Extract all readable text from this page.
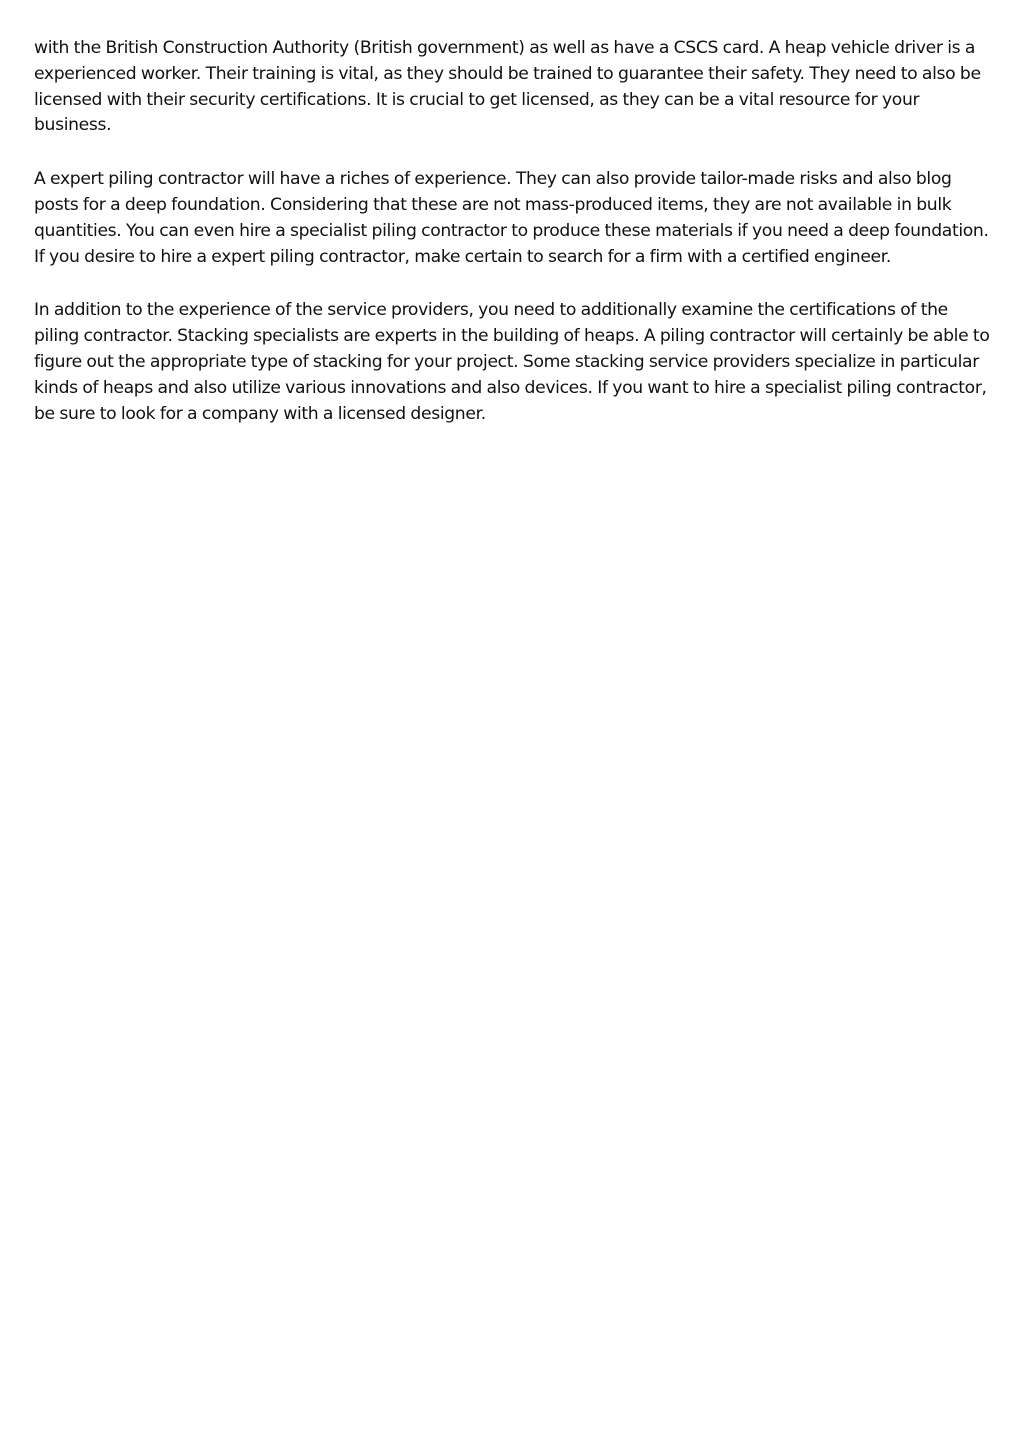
with the British Construction Authority (British government) as well as have a CSCS card. A heap vehicle driver is a experienced worker. Their training is vital, as they should be trained to guarantee their safety. They need to also be licensed with their security certifications. It is crucial to get licensed, as they can be a vital resource for your business.

A expert piling contractor will have a riches of experience. They can also provide tailor-made risks and also blog posts for a deep foundation. Considering that these are not mass-produced items, they are not available in bulk quantities. You can even hire a specialist piling contractor to produce these materials if you need a deep foundation. If you desire to hire a expert piling contractor, make certain to search for a firm with a certified engineer.

In addition to the experience of the service providers, you need to additionally examine the certifications of the piling contractor. Stacking specialists are experts in the building of heaps. A piling contractor will certainly be able to figure out the appropriate type of stacking for your project. Some stacking service providers specialize in particular kinds of heaps and also utilize various innovations and also devices. If you want to hire a specialist piling contractor, be sure to look for a company with a licensed designer.
